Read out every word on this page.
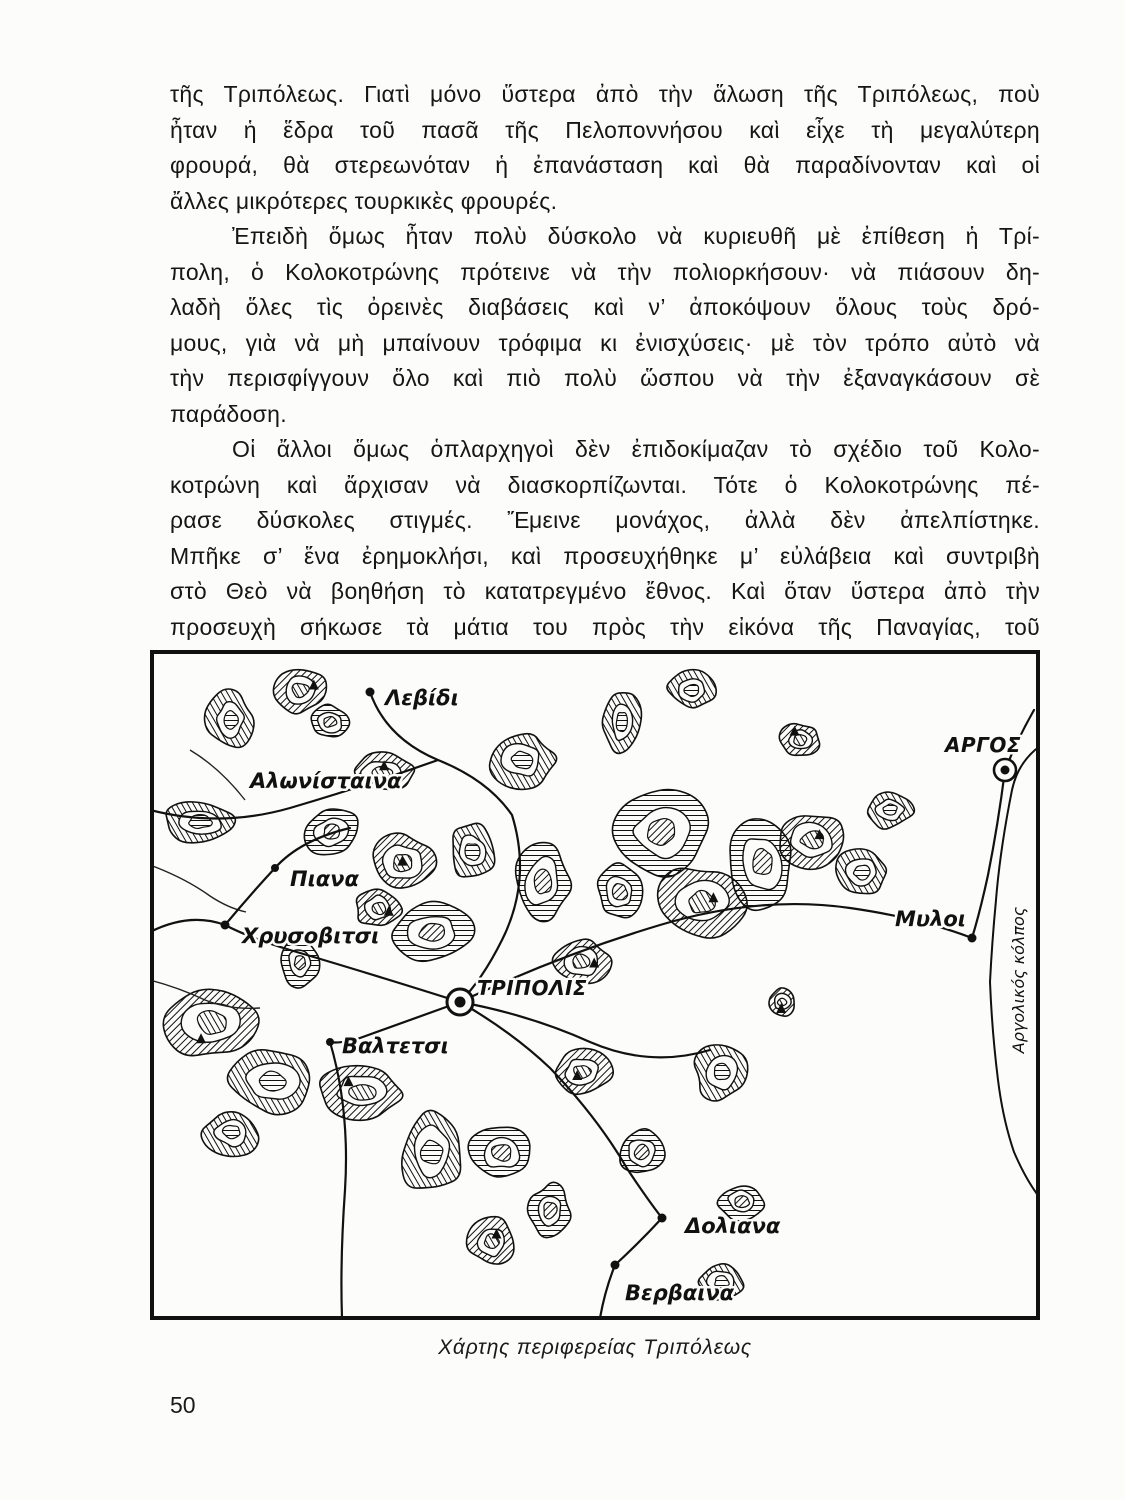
τῆς Τριπόλεως. Γιατὶ μόνο ὕστερα ἀπὸ τὴν ἅλωση τῆς Τριπόλεως, ποὺ
ἦταν ἡ ἕδρα τοῦ πασᾶ τῆς Πελοποννήσου καὶ εἶχε τὴ μεγαλύτερη
φρουρά, θὰ στερεωνόταν ἡ ἐπανάσταση καὶ θὰ παραδίνονταν καὶ οἱ
ἄλλες μικρότερες τουρκικὲς φρουρές.
Ἐπειδὴ ὅμως ἦταν πολὺ δύσκολο νὰ κυριευθῆ μὲ ἐπίθεση ἡ Τρί-
πολη, ὁ Κολοκοτρώνης πρότεινε νὰ τὴν πολιορκήσουν· νὰ πιάσουν δη-
λαδὴ ὅλες τὶς ὀρεινὲς διαβάσεις καὶ ν’ ἀποκόψουν ὅλους τοὺς δρό-
μους, γιὰ νὰ μὴ μπαίνουν τρόφιμα κι ἐνισχύσεις· μὲ τὸν τρόπο αὐτὸ νὰ
τὴν περισφίγγουν ὅλο καὶ πιὸ πολὺ ὥσπου νὰ τὴν ἐξαναγκάσουν σὲ
παράδοση.
Οἱ ἄλλοι ὅμως ὁπλαρχηγοὶ δὲν ἐπιδοκίμαζαν τὸ σχέδιο τοῦ Κολο-
κοτρώνη καὶ ἄρχισαν νὰ διασκορπίζωνται. Τότε ὁ Κολοκοτρώνης πέ-
ρασε δύσκολες στιγμές. Ἔμεινε μονάχος, ἀλλὰ δὲν ἀπελπίστηκε.
Μπῆκε σ’ ἕνα ἐρημοκλήσι, καὶ προσευχήθηκε μ’ εὐλάβεια καὶ συντριβὴ
στὸ Θεὸ νὰ βοηθήση τὸ κατατρεγμένο ἔθνος. Καὶ ὅταν ὕστερα ἀπὸ τὴν
προσευχὴ σήκωσε τὰ μάτια του πρὸς τὴν εἰκόνα τῆς Παναγίας, τοῦ
Λεβίδι
ΑΡΓΟΣ
Αλωνίσταινα
Πιανα
Χρυσοβιτσι
ΤΡΙΠΟΛΙΣ
Μυλοι
Βαλτετσι
Δολιανα
Βερβαινα
Αργολικός κόλπος
Χάρτης περιφερείας Τριπόλεως
50
